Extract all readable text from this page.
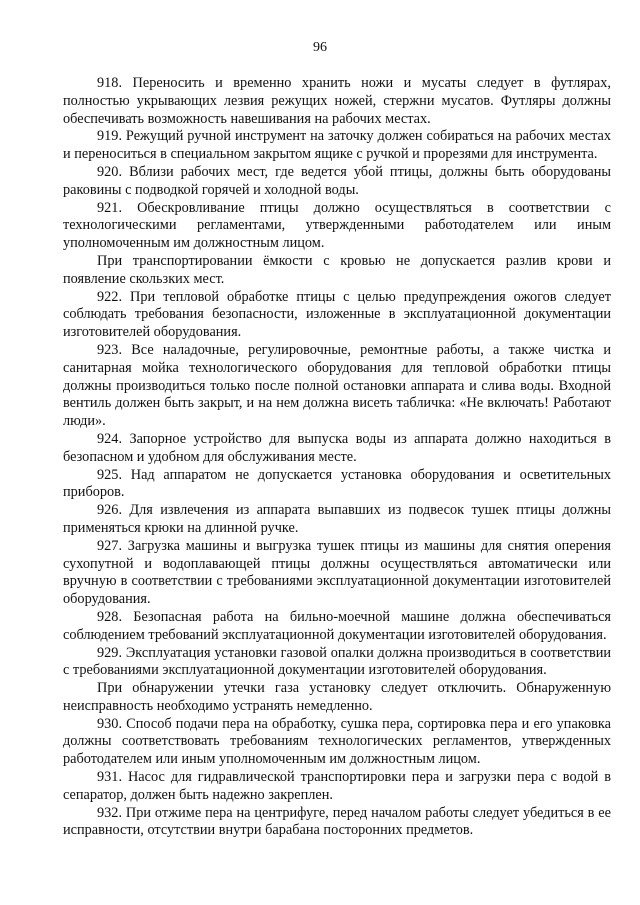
96

918. Переносить и временно хранить ножи и мусаты следует в футлярах, полностью укрывающих лезвия режущих ножей, стержни мусатов. Футляры должны обеспечивать возможность навешивания на рабочих местах.

919. Режущий ручной инструмент на заточку должен собираться на рабочих местах и переноситься в специальном закрытом ящике с ручкой и прорезями для инструмента.

920. Вблизи рабочих мест, где ведется убой птицы, должны быть оборудованы раковины с подводкой горячей и холодной воды.

921. Обескровливание птицы должно осуществляться в соответствии с технологическими регламентами, утвержденными работодателем или иным уполномоченным им должностным лицом.

При транспортировании ёмкости с кровью не допускается разлив крови и появление скользких мест.

922. При тепловой обработке птицы с целью предупреждения ожогов следует соблюдать требования безопасности, изложенные в эксплуатационной документации изготовителей оборудования.

923. Все наладочные, регулировочные, ремонтные работы, а также чистка и санитарная мойка технологического оборудования для тепловой обработки птицы должны производиться только после полной остановки аппарата и слива воды. Входной вентиль должен быть закрыт, и на нем должна висеть табличка: «Не включать! Работают люди».

924. Запорное устройство для выпуска воды из аппарата должно находиться в безопасном и удобном для обслуживания месте.

925. Над аппаратом не допускается установка оборудования и осветительных приборов.

926. Для извлечения из аппарата выпавших из подвесок тушек птицы должны применяться крюки на длинной ручке.

927. Загрузка машины и выгрузка тушек птицы из машины для снятия оперения сухопутной и водоплавающей птицы должны осуществляться автоматически или вручную в соответствии с требованиями эксплуатационной документации изготовителей оборудования.

928. Безопасная работа на бильно-моечной машине должна обеспечиваться соблюдением требований эксплуатационной документации изготовителей оборудования.

929. Эксплуатация установки газовой опалки должна производиться в соответствии с требованиями эксплуатационной документации изготовителей оборудования.

При обнаружении утечки газа установку следует отключить. Обнаруженную неисправность необходимо устранять немедленно.

930. Способ подачи пера на обработку, сушка пера, сортировка пера и его упаковка должны соответствовать требованиям технологических регламентов, утвержденных работодателем или иным уполномоченным им должностным лицом.

931. Насос для гидравлической транспортировки пера и загрузки пера с водой в сепаратор, должен быть надежно закреплен.

932. При отжиме пера на центрифуге, перед началом работы следует убедиться в ее исправности, отсутствии внутри барабана посторонних предметов.
